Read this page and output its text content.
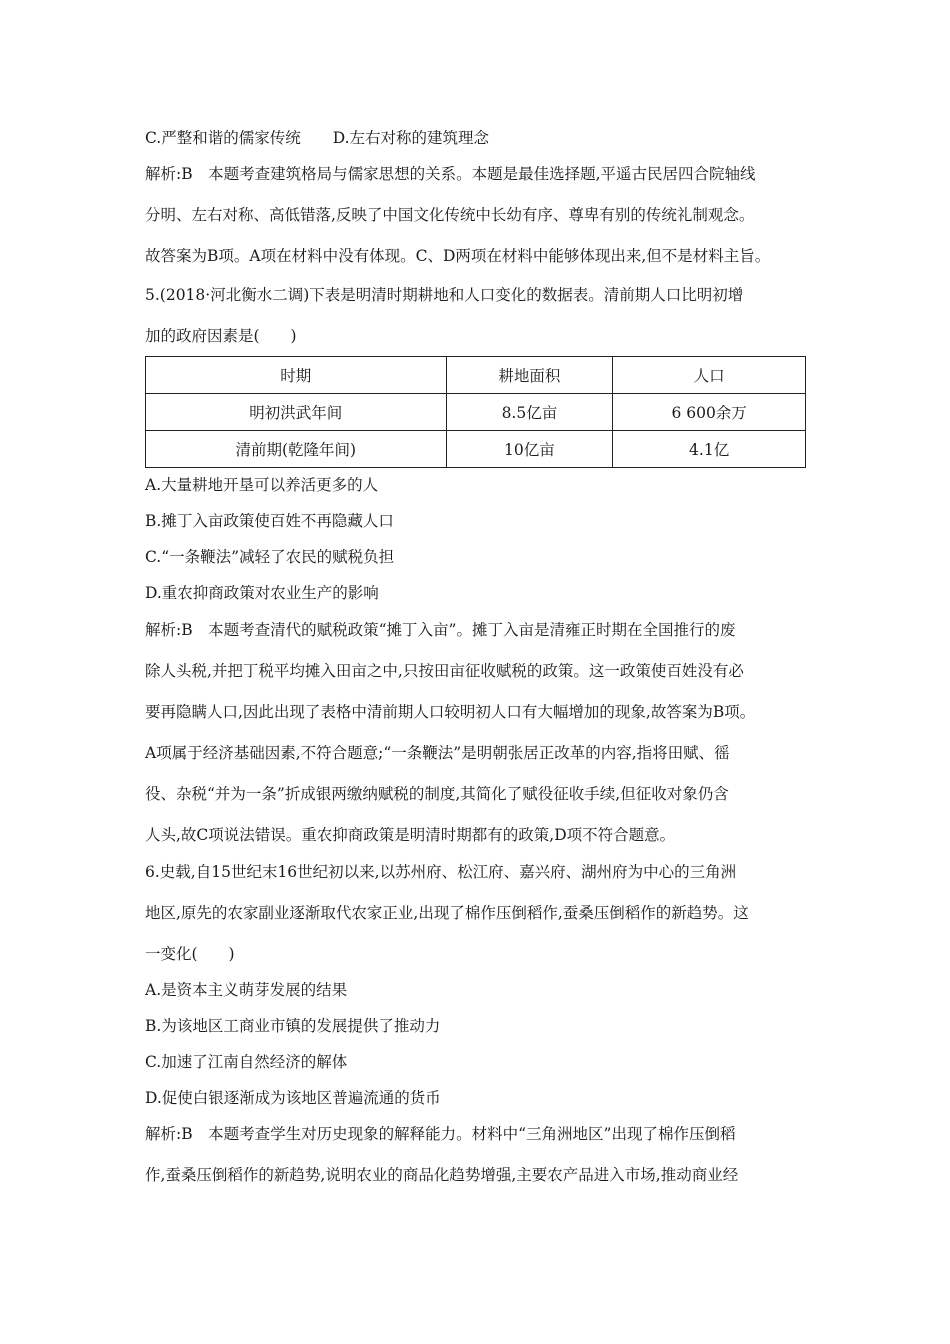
C.严整和谐的儒家传统 D.左右对称的建筑理念
解析:B　本题考查建筑格局与儒家思想的关系。本题是最佳选择题,平遥古民居四合院轴线
分明、左右对称、高低错落,反映了中国文化传统中长幼有序、尊卑有别的传统礼制观念。
故答案为B项。A项在材料中没有体现。C、D两项在材料中能够体现出来,但不是材料主旨。
5.(2018·河北衡水二调)下表是明清时期耕地和人口变化的数据表。清前期人口比明初增
加的政府因素是(　　)
时期	耕地面积	人口
明初洪武年间	8.5亿亩	6 600余万
清前期(乾隆年间)	10亿亩	4.1亿
A.大量耕地开垦可以养活更多的人
B.摊丁入亩政策使百姓不再隐藏人口
C.“一条鞭法”减轻了农民的赋税负担
D.重农抑商政策对农业生产的影响
解析:B　本题考查清代的赋税政策“摊丁入亩”。摊丁入亩是清雍正时期在全国推行的废
除人头税,并把丁税平均摊入田亩之中,只按田亩征收赋税的政策。这一政策使百姓没有必
要再隐瞒人口,因此出现了表格中清前期人口较明初人口有大幅增加的现象,故答案为B项。
A项属于经济基础因素,不符合题意;“一条鞭法”是明朝张居正改革的内容,指将田赋、徭
役、杂税“并为一条”折成银两缴纳赋税的制度,其简化了赋役征收手续,但征收对象仍含
人头,故C项说法错误。重农抑商政策是明清时期都有的政策,D项不符合题意。
6.史载,自15世纪末16世纪初以来,以苏州府、松江府、嘉兴府、湖州府为中心的三角洲
地区,原先的农家副业逐渐取代农家正业,出现了棉作压倒稻作,蚕桑压倒稻作的新趋势。这
一变化(　　)
A.是资本主义萌芽发展的结果
B.为该地区工商业市镇的发展提供了推动力
C.加速了江南自然经济的解体
D.促使白银逐渐成为该地区普遍流通的货币
解析:B　本题考查学生对历史现象的解释能力。材料中“三角洲地区”出现了棉作压倒稻
作,蚕桑压倒稻作的新趋势,说明农业的商品化趋势增强,主要农产品进入市场,推动商业经
